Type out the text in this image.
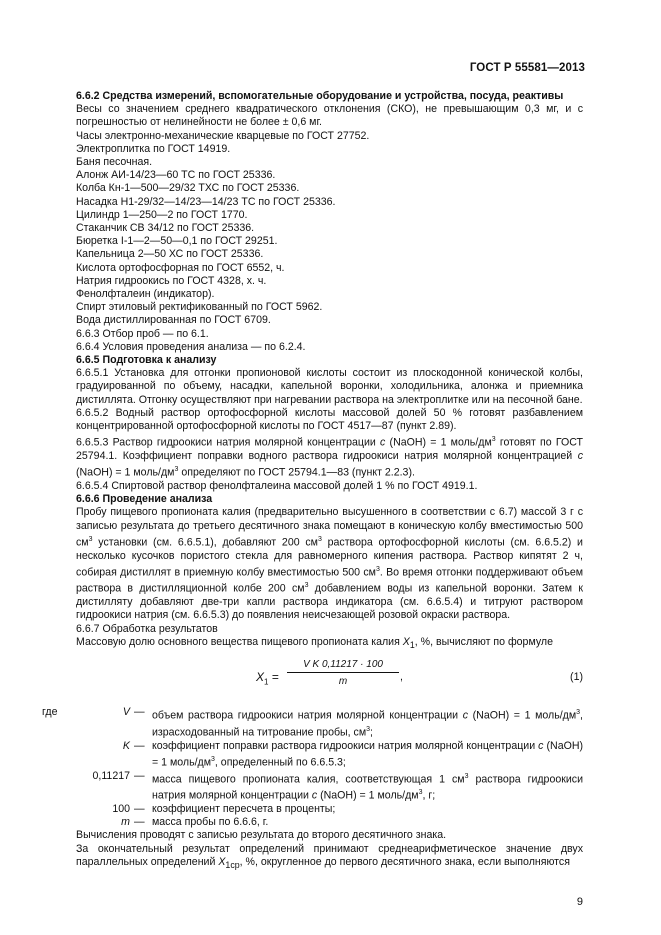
ГОСТ Р 55581—2013

6.6.2 Средства измерений, вспомогательные оборудование и устройства, посуда, реактивы

Весы со значением среднего квадратического отклонения (СКО), не превышающим 0,3 мг, и с погрешностью от нелинейности не более ± 0,6 мг.

Часы электронно-механические кварцевые по ГОСТ 27752.

Электроплитка по ГОСТ 14919.

Баня песочная.

Алонж АИ-14/23—60 ТС по ГОСТ 25336.

Колба Кн-1—500—29/32 ТХС по ГОСТ 25336.

Насадка Н1-29/32—14/23—14/23 ТС по ГОСТ 25336.

Цилиндр 1—250—2 по ГОСТ 1770.

Стаканчик СВ 34/12 по ГОСТ 25336.

Бюретка I-1—2—50—0,1 по ГОСТ 29251.

Капельница 2—50 ХС по ГОСТ 25336.

Кислота ортофосфорная по ГОСТ 6552, ч.

Натрия гидроокись по ГОСТ 4328, х. ч.

Фенолфталеин (индикатор).

Спирт этиловый ректификованный по ГОСТ 5962.

Вода дистиллированная по ГОСТ 6709.

6.6.3 Отбор проб — по 6.1.

6.6.4 Условия проведения анализа — по 6.2.4.

6.6.5 Подготовка к анализу

6.6.5.1 Установка для отгонки пропионовой кислоты состоит из плоскодонной конической колбы, градуированной по объему, насадки, капельной воронки, холодильника, алонжа и приемника дистиллята. Отгонку осуществляют при нагревании раствора на электроплитке или на песочной бане.

6.6.5.2 Водный раствор ортофосфорной кислоты массовой долей 50 % готовят разбавлением концентрированной ортофосфорной кислоты по ГОСТ 4517—87 (пункт 2.89).

6.6.5.3 Раствор гидроокиси натрия молярной концентрации c (NaOH) = 1 моль/$дм^3$ готовят по ГОСТ 25794.1. Коэффициент поправки водного раствора гидроокиси натрия молярной концентрацией c (NaOH) = 1 моль/$дм^3$ определяют по ГОСТ 25794.1—83 (пункт 2.2.3).

6.6.5.4 Спиртовой раствор фенолфталеина массовой долей 1 % по ГОСТ 4919.1.

6.6.6 Проведение анализа

Пробу пищевого пропионата калия (предварительно высушенного в соответствии с 6.7) массой 3 г с записью результата до третьего десятичного знака помещают в коническую колбу вместимостью 500 $см^3$ установки (см. 6.6.5.1), добавляют 200 $см^3$ раствора ортофосфорной кислоты (см. 6.6.5.2) и несколько кусочков пористого стекла для равномерного кипения раствора. Раствор кипятят 2 ч, собирая дистиллят в приемную колбу вместимостью 500 $см^3$. Во время отгонки поддерживают объем раствора в дистилляционной колбе 200 $см^3$ добавлением воды из капельной воронки. Затем к дистилляту добавляют две-три капли раствора индикатора (см. 6.6.5.4) и титруют раствором гидроокиси натрия (см. 6.6.5.3) до появления неисчезающей розовой окраски раствора.

6.6.7 Обработка результатов

Массовую долю основного вещества пищевого пропионата калия $X_1$, %, вычисляют по формуле

$X_1 = \frac{\text{V K 0,11217 · 100}}{m}$ ,	(1)
где	V	—	объем раствора гидроокиси натрия молярной концентрации c (NaOH) = 1 моль/$дм^3$, израсходованный на титрование пробы, $см^3$;
	K	—	коэффициент поправки раствора гидроокиси натрия молярной концентрации c (NaOH) = 1 моль/$дм^3$, определенный по 6.6.5.3;
0,11217		—	масса пищевого пропионата калия, соответствующая 1 $см^3$ раствора гидроокиси натрия молярной концентрации c (NaOH) = 1 моль/$дм^3$, г;
	100	—	коэффициент пересчета в проценты;
	m	—	масса пробы по 6.6.6, г.

Вычисления проводят с записью результата до второго десятичного знака.

За окончательный результат определений принимают среднеарифметическое значение двух параллельных определений $X_{1ср}$, %, округленное до первого десятичного знака, если выполняются

9
